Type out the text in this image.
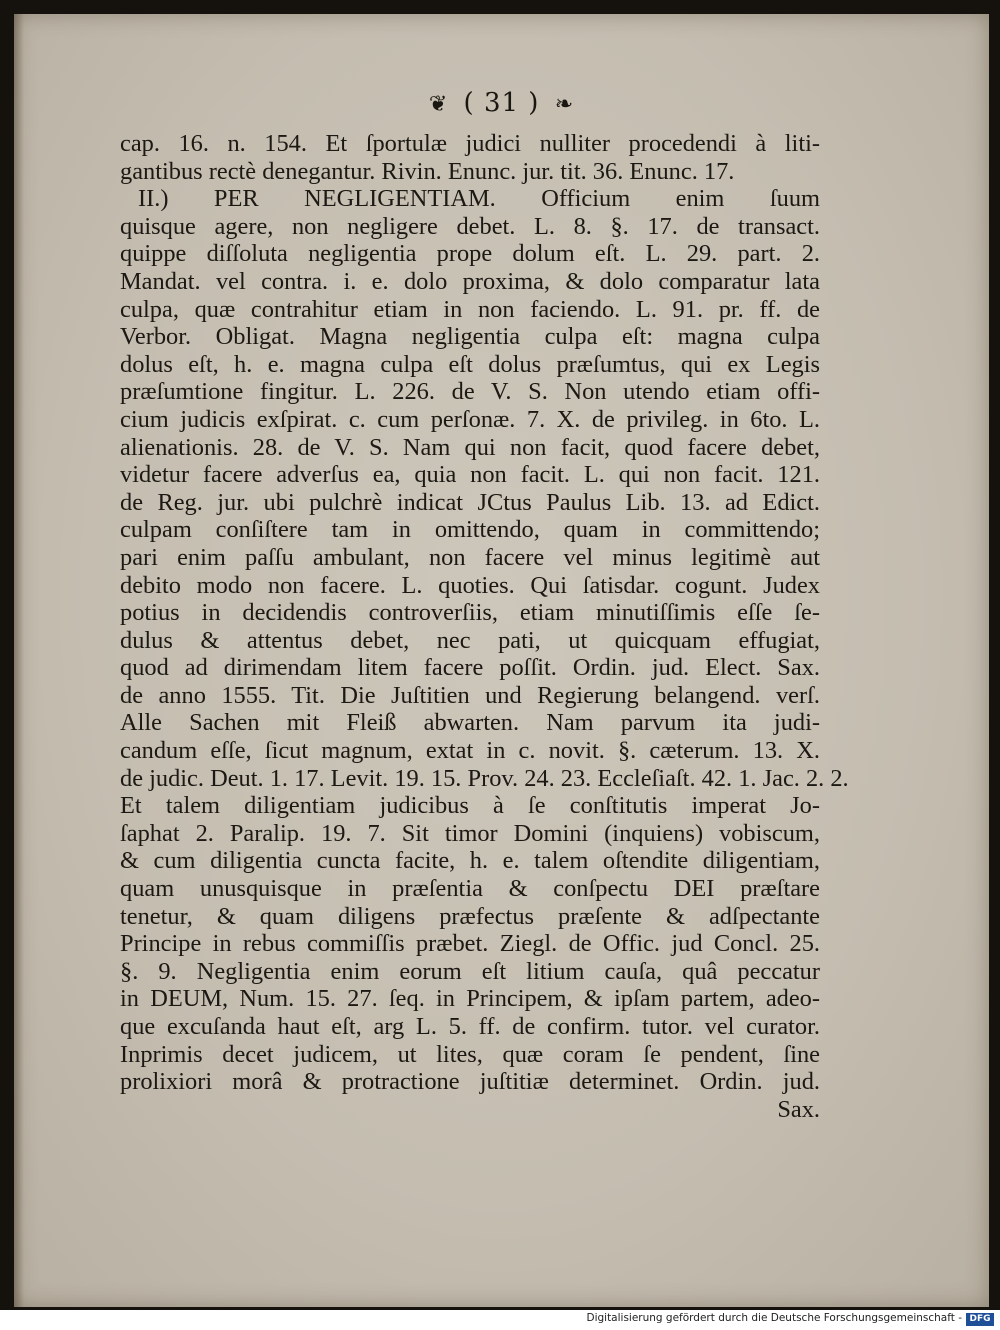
❦ ( 31 ) ❧
cap. 16. n. 154. Et ſportulæ judici nulliter procedendi à liti-
gantibus rectè denegantur. Rivin. Enunc. jur. tit. 36. Enunc. 17.
II.) PER NEGLIGENTIAM. Officium enim ſuum
quisque agere, non negligere debet. L. 8. §. 17. de transact.
quippe diſſoluta negligentia prope dolum eſt. L. 29. part. 2.
Mandat. vel contra. i. e. dolo proxima, & dolo comparatur lata
culpa, quæ contrahitur etiam in non faciendo. L. 91. pr. ff. de
Verbor. Obligat. Magna negligentia culpa eſt: magna culpa
dolus eſt, h. e. magna culpa eſt dolus præſumtus, qui ex Legis
præſumtione fingitur. L. 226. de V. S. Non utendo etiam offi-
cium judicis exſpirat. c. cum perſonæ. 7. X. de privileg. in 6to. L.
alienationis. 28. de V. S. Nam qui non facit, quod facere debet,
videtur facere adverſus ea, quia non facit. L. qui non facit. 121.
de Reg. jur. ubi pulchrè indicat JCtus Paulus Lib. 13. ad Edict.
culpam conſiſtere tam in omittendo, quam in committendo;
pari enim paſſu ambulant, non facere vel minus legitimè aut
debito modo non facere. L. quoties. Qui ſatisdar. cogunt. Judex
potius in decidendis controverſiis, etiam minutiſſimis eſſe ſe-
dulus & attentus debet, nec pati, ut quicquam effugiat,
quod ad dirimendam litem facere poſſit. Ordin. jud. Elect. Sax.
de anno 1555. Tit. Die Juſtitien und Regierung belangend. verſ.
Alle Sachen mit Fleiß abwarten. Nam parvum ita judi-
candum eſſe, ſicut magnum, extat in c. novit. §. cæterum. 13. X.
de judic. Deut. 1. 17. Levit. 19. 15. Prov. 24. 23. Eccleſiaſt. 42. 1. Jac. 2. 2.
Et talem diligentiam judicibus à ſe conſtitutis imperat Jo-
ſaphat 2. Paralip. 19. 7. Sit timor Domini (inquiens) vobiscum,
& cum diligentia cuncta facite, h. e. talem oſtendite diligentiam,
quam unusquisque in præſentia & conſpectu DEI præſtare
tenetur, & quam diligens præfectus præſente & adſpectante
Principe in rebus commiſſis præbet. Ziegl. de Offic. jud Concl. 25.
§. 9. Negligentia enim eorum eſt litium cauſa, quâ peccatur
in DEUM, Num. 15. 27. ſeq. in Principem, & ipſam partem, adeo-
que excuſanda haut eſt, arg L. 5. ff. de confirm. tutor. vel curator.
Inprimis decet judicem, ut lites, quæ coram ſe pendent, ſine
prolixiori morâ & protractione juſtitiæ determinet. Ordin. jud.
Sax.
Digitalisierung gefördert durch die Deutsche Forschungsgemeinschaft - DFG
